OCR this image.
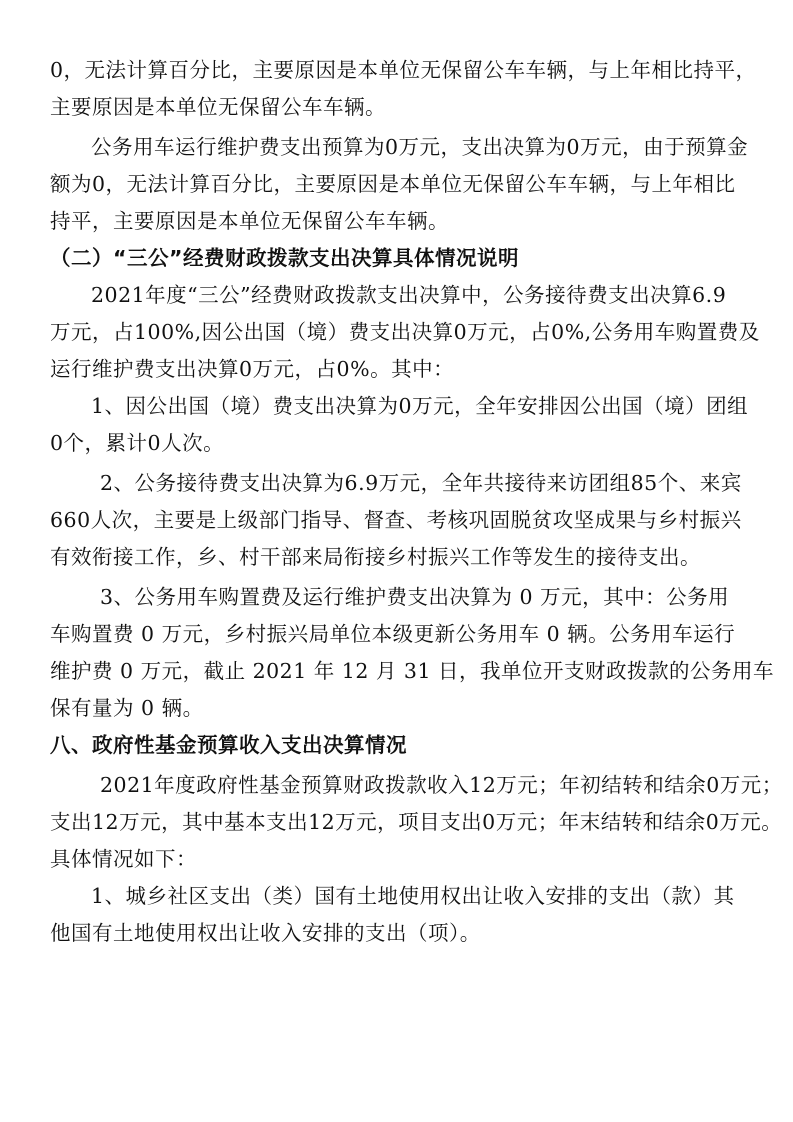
0，无法计算百分比，主要原因是本单位无保留公车车辆，与上年相比持平，
主要原因是本单位无保留公车车辆。
公务用车运行维护费支出预算为0万元，支出决算为0万元，由于预算金
额为0，无法计算百分比，主要原因是本单位无保留公车车辆，与上年相比
持平，主要原因是本单位无保留公车车辆。
（二）“三公”经费财政拨款支出决算具体情况说明
2021年度“三公”经费财政拨款支出决算中，公务接待费支出决算6.9
万元，占100%,因公出国（境）费支出决算0万元，占0%,公务用车购置费及
运行维护费支出决算0万元，占0%。其中：
1、因公出国（境）费支出决算为0万元，全年安排因公出国（境）团组
0个，累计0人次。
2、公务接待费支出决算为6.9万元，全年共接待来访团组85个、来宾
660人次，主要是上级部门指导、督查、考核巩固脱贫攻坚成果与乡村振兴
有效衔接工作，乡、村干部来局衔接乡村振兴工作等发生的接待支出。
3、公务用车购置费及运行维护费支出决算为 0 万元，其中：公务用
车购置费 0 万元，乡村振兴局单位本级更新公务用车 0 辆。公务用车运行
维护费 0 万元，截止 2021 年 12 月 31 日，我单位开支财政拨款的公务用车
保有量为 0 辆。
八、政府性基金预算收入支出决算情况
2021年度政府性基金预算财政拨款收入12万元；年初结转和结余0万元；
支出12万元，其中基本支出12万元，项目支出0万元；年末结转和结余0万元。
具体情况如下：
1、城乡社区支出（类）国有土地使用权出让收入安排的支出（款）其
他国有土地使用权出让收入安排的支出（项）。
